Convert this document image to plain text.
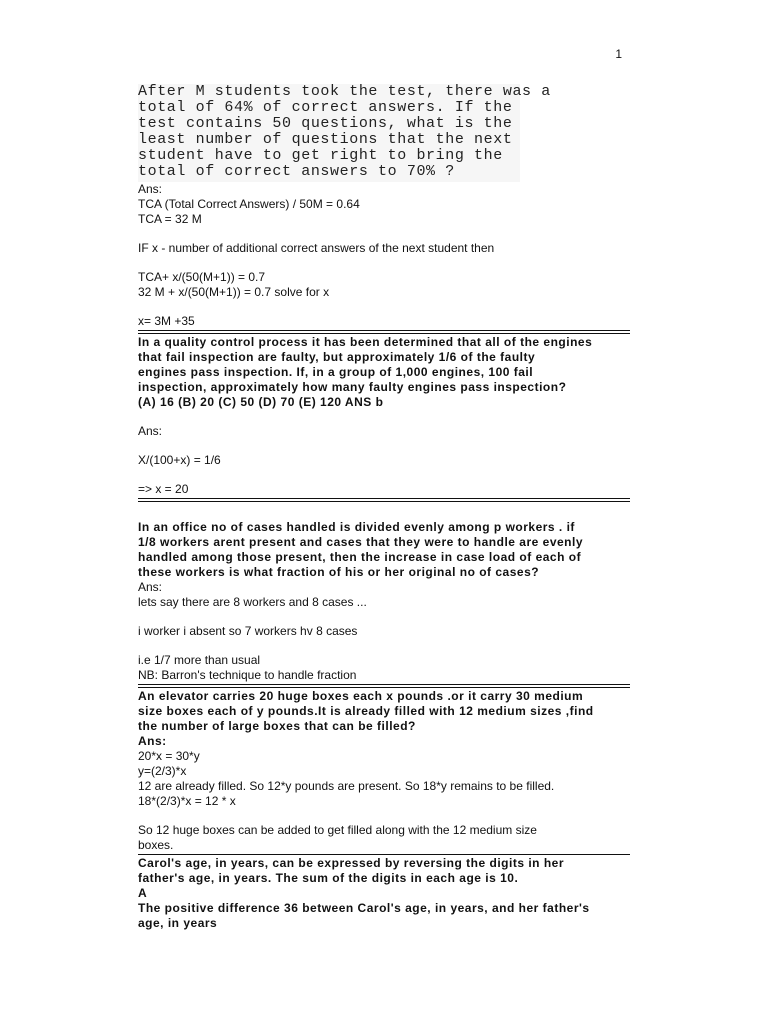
1
After M students took the test, there was a
total of 64% of correct answers. If the
test contains 50 questions, what is the
least number of questions that the next
student have to get right to bring the
total of correct answers to 70% ?
Ans:
TCA (Total Correct Answers) / 50M = 0.64
TCA = 32 M
IF x - number of additional correct answers of the next student then
TCA+ x/(50(M+1)) = 0.7
32 M + x/(50(M+1)) = 0.7 solve for x
x= 3M +35
In a quality control process it has been determined that all of the engines
that fail inspection are faulty, but approximately 1/6 of the faulty
engines pass inspection. If, in a group of 1,000 engines, 100 fail
inspection, approximately how many faulty engines pass inspection?
(A) 16 (B) 20 (C) 50 (D) 70 (E) 120 ANS b
Ans:
X/(100+x) = 1/6
=> x = 20
In an office no of cases handled is divided evenly among p workers . if
1/8 workers arent present and cases that they were to handle are evenly
handled among those present, then the increase in case load of each of
these workers is what fraction of his or her original no of cases?
Ans:
lets say there are 8 workers and 8 cases ...
i worker i absent so 7 workers hv 8 cases
i.e 1/7 more than usual
NB: Barron's technique to handle fraction
An elevator carries 20 huge boxes each x pounds .or it carry 30 medium
size boxes each of y pounds.It is already filled with 12 medium sizes ,find
the number of large boxes that can be filled?
Ans:
20*x = 30*y
y=(2/3)*x
12 are already filled. So 12*y pounds are present. So 18*y remains to be filled.
18*(2/3)*x = 12 * x
So 12 huge boxes can be added to get filled along with the 12 medium size
boxes.
Carol's age, in years, can be expressed by reversing the digits in her
father's age, in years. The sum of the digits in each age is 10.
A
The positive difference 36 between Carol's age, in years, and her father's
age, in years
